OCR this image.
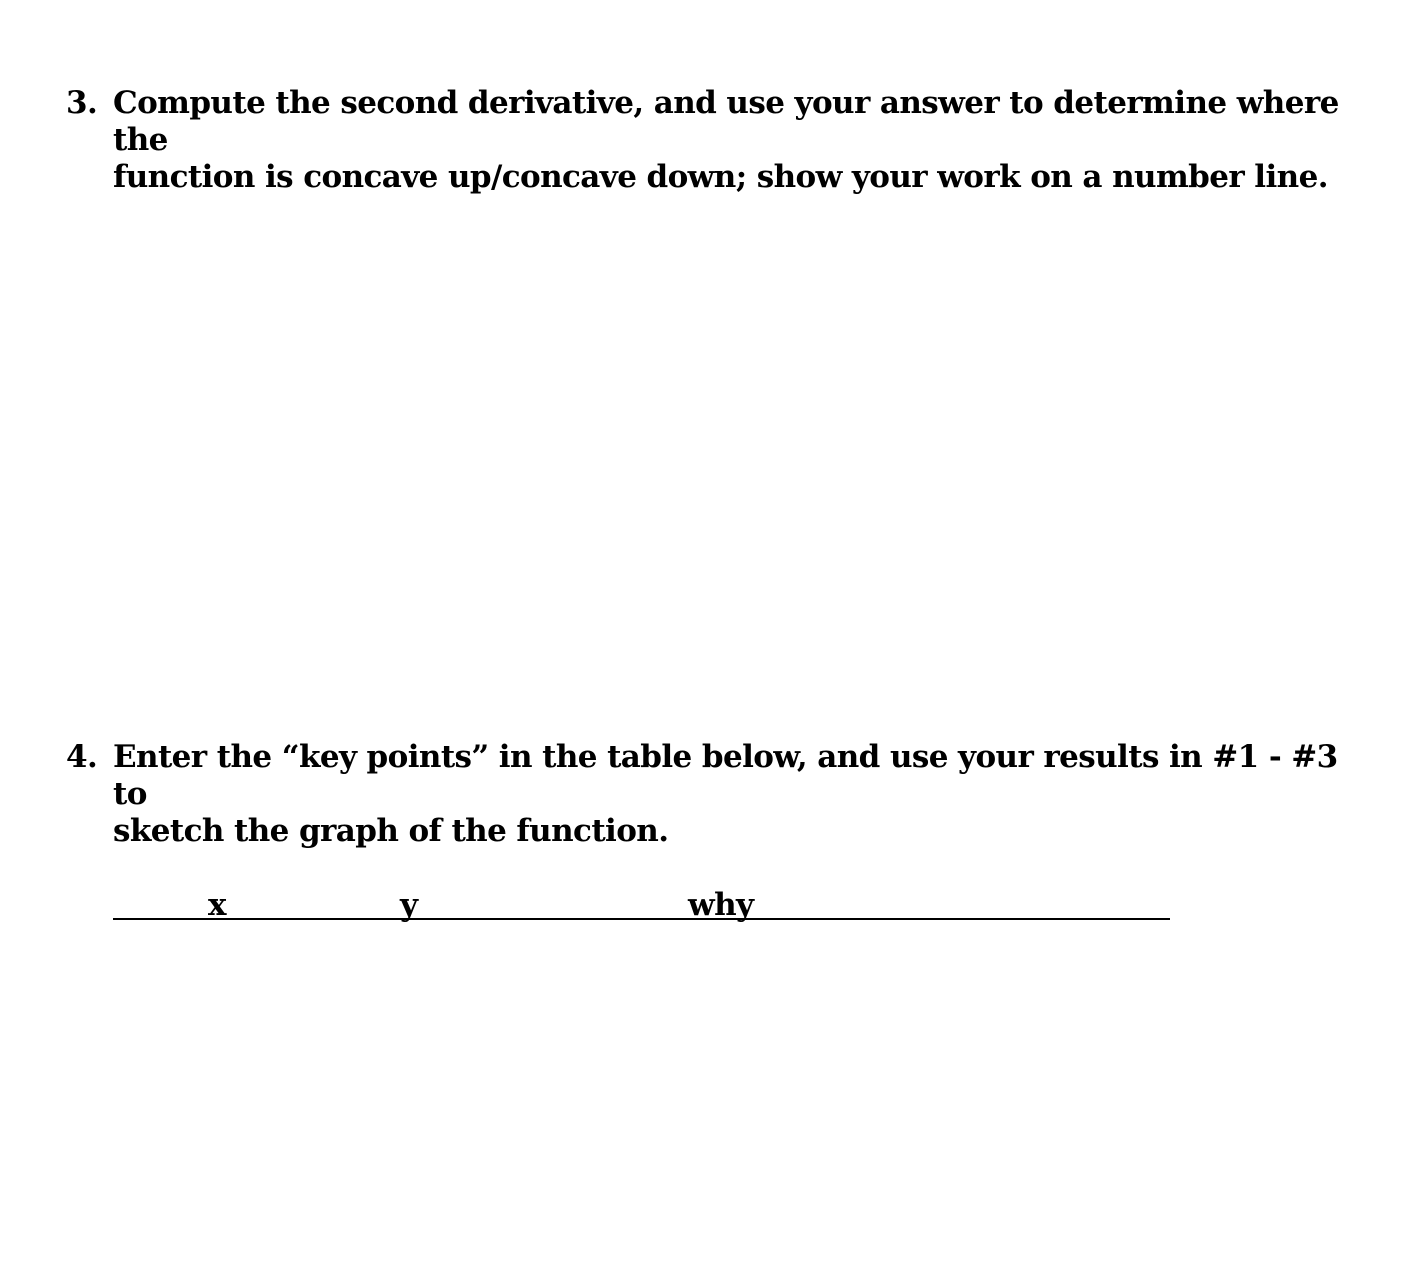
3. Compute the second derivative, and use your answer to determine where the
function is concave up/concave down; show your work on a number line.
4. Enter the “key points” in the table below, and use your results in #1 - #3 to
sketch the graph of the function.
x	y	why
